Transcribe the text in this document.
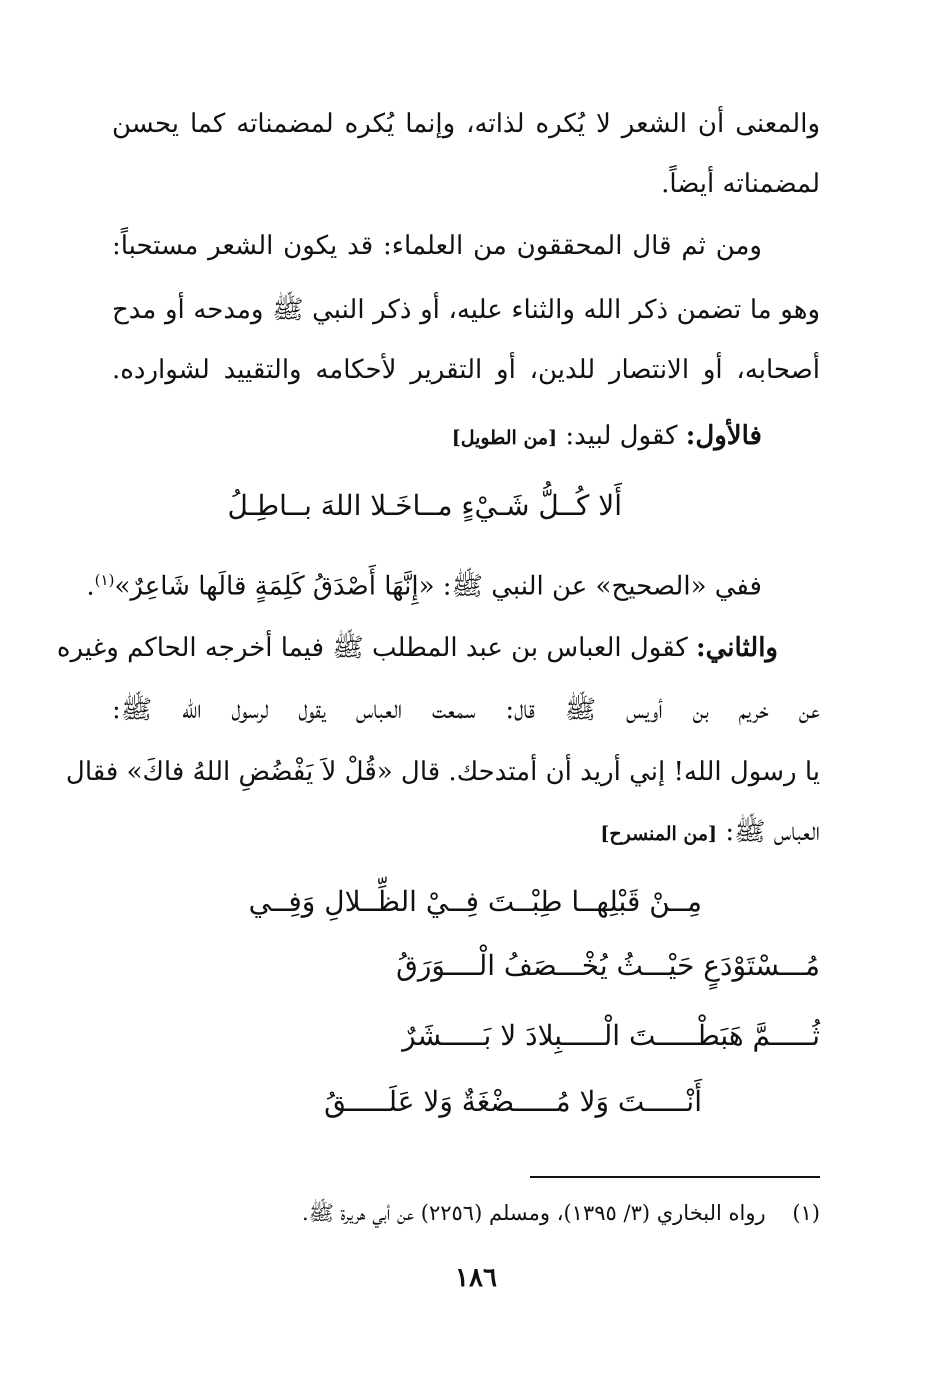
والمعنى أن الشعر لا يُكره لذاته، وإنما يُكره لمضمناته كما يحسن
لمضمناته أيضاً.
ومن ثم قال المحققون من العلماء: قد يكون الشعر مستحباً:
وهو ما تضمن ذكر الله والثناء عليه، أو ذكر النبي ﷺ ومدحه أو مدح
أصحابه، أو الانتصار للدين، أو التقرير لأحكامه والتقييد لشوارده.
فالأول: كقول لبيد: [من الطويل]
أَلا كُــلُّ شَـيْءٍ مــاخَـلا اللهَ بــاطِـلُ
ففي «الصحيح» عن النبي ﷺ: «إِنَّهَا أَصْدَقُ كَلِمَةٍ قالَها شَاعِرٌ»$^{(١)}$.
والثاني: كقول العباس بن عبد المطلب ﷺ فيما أخرجه الحاكم وغيره
عن خريم بن أويس ﷺ قال: سمعت العباس يقول لرسول الله ﷺ:
يا رسول الله! إني أريد أن أمتدحك. قال «قُلْ لاَ يَفْضُضِ اللهُ فاكَ» فقال
العباس ﷺ: [من المنسرح]
مِــنْ قَبْلِهــا طِبْــتَ فِــيْ الظِّــلالِ وَفِــي
مُـــسْتَوْدَعٍ حَيْـــثُ يُخْـــصَفُ الْــــوَرَقُ
ثُـــــمَّ هَبَطْـــــتَ الْـــــبِلادَ لا بَـــــشَرٌ
أَنْـــــتَ وَلا مُـــــضْغَةٌ وَلا عَلَـــــقُ
(١)    رواه البخاري (٣/ ١٣٩٥)، ومسلم (٢٢٥٦) عن أبي هريرة ﷺ.
١٨٦
